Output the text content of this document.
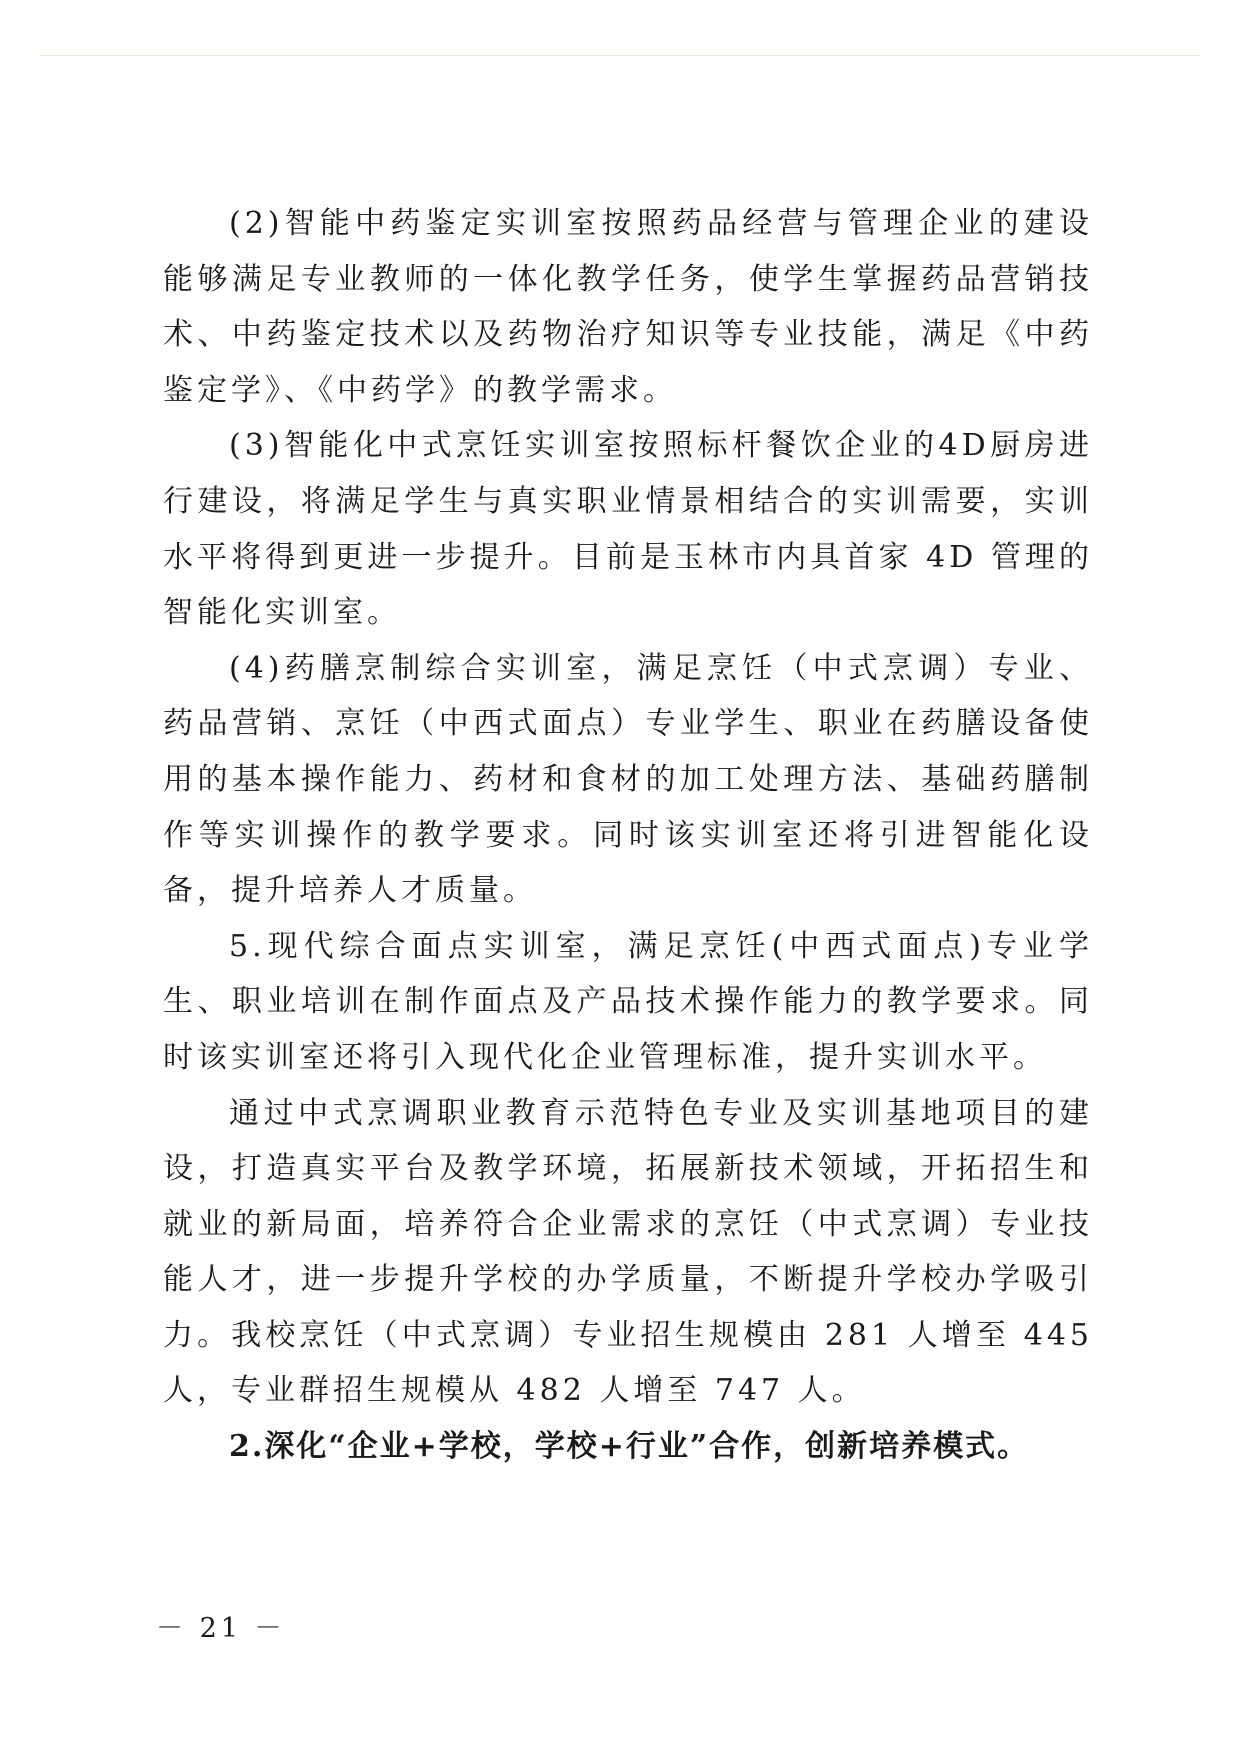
(2)智能中药鉴定实训室按照药品经营与管理企业的建设能够满足专业教师的一体化教学任务，使学生掌握药品营销技术、中药鉴定技术以及药物治疗知识等专业技能，满足《中药鉴定学》、《中药学》的教学需求。

(3)智能化中式烹饪实训室按照标杆餐饮企业的4D厨房进行建设，将满足学生与真实职业情景相结合的实训需要，实训水平将得到更进一步提升。目前是玉林市内具首家 4D 管理的智能化实训室。

(4)药膳烹制综合实训室，满足烹饪（中式烹调）专业、药品营销、烹饪（中西式面点）专业学生、职业在药膳设备使用的基本操作能力、药材和食材的加工处理方法、基础药膳制作等实训操作的教学要求。同时该实训室还将引进智能化设备，提升培养人才质量。

5.现代综合面点实训室，满足烹饪(中西式面点)专业学生、职业培训在制作面点及产品技术操作能力的教学要求。同时该实训室还将引入现代化企业管理标准，提升实训水平。

通过中式烹调职业教育示范特色专业及实训基地项目的建设，打造真实平台及教学环境，拓展新技术领域，开拓招生和就业的新局面，培养符合企业需求的烹饪（中式烹调）专业技能人才，进一步提升学校的办学质量，不断提升学校办学吸引力。我校烹饪（中式烹调）专业招生规模由 281 人增至 445 人，专业群招生规模从 482 人增至 747 人。

2.深化“企业+学校，学校+行业”合作，创新培养模式。

－ 21 －
